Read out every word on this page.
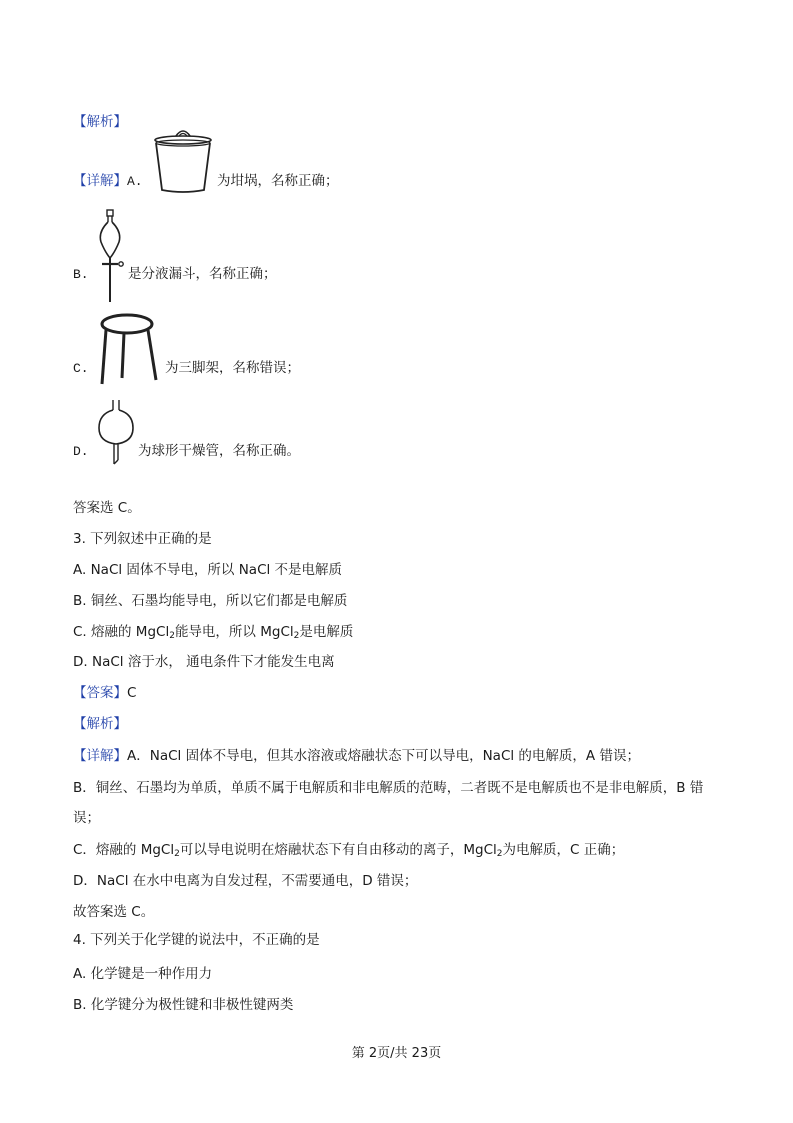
【解析】
【详解】A.	为坩埚，名称正确；
B.	是分液漏斗，名称正确；
C.	为三脚架，名称错误；
D.	为球形干燥管，名称正确。
答案选 C。
3. 下列叙述中正确的是
A. NaCl 固体不导电，所以 NaCl 不是电解质
B. 铜丝、石墨均能导电，所以它们都是电解质
C. 熔融的 MgCl$_2$能导电，所以 MgCl$_2$是电解质
D. NaCl 溶于水， 通电条件下才能发生电离
【答案】C
【解析】
【详解】A．NaCl 固体不导电，但其水溶液或熔融状态下可以导电，NaCl 的电解质，A 错误；
B．铜丝、石墨均为单质，单质不属于电解质和非电解质的范畴，二者既不是电解质也不是非电解质，B 错
误；
C．熔融的 MgCl$_2$可以导电说明在熔融状态下有自由移动的离子，MgCl$_2$为电解质，C 正确；
D．NaCl 在水中电离为自发过程，不需要通电，D 错误；
故答案选 C。
4. 下列关于化学键的说法中，不正确的是
A. 化学键是一种作用力
B. 化学键分为极性键和非极性键两类
第 2页/共 23页
